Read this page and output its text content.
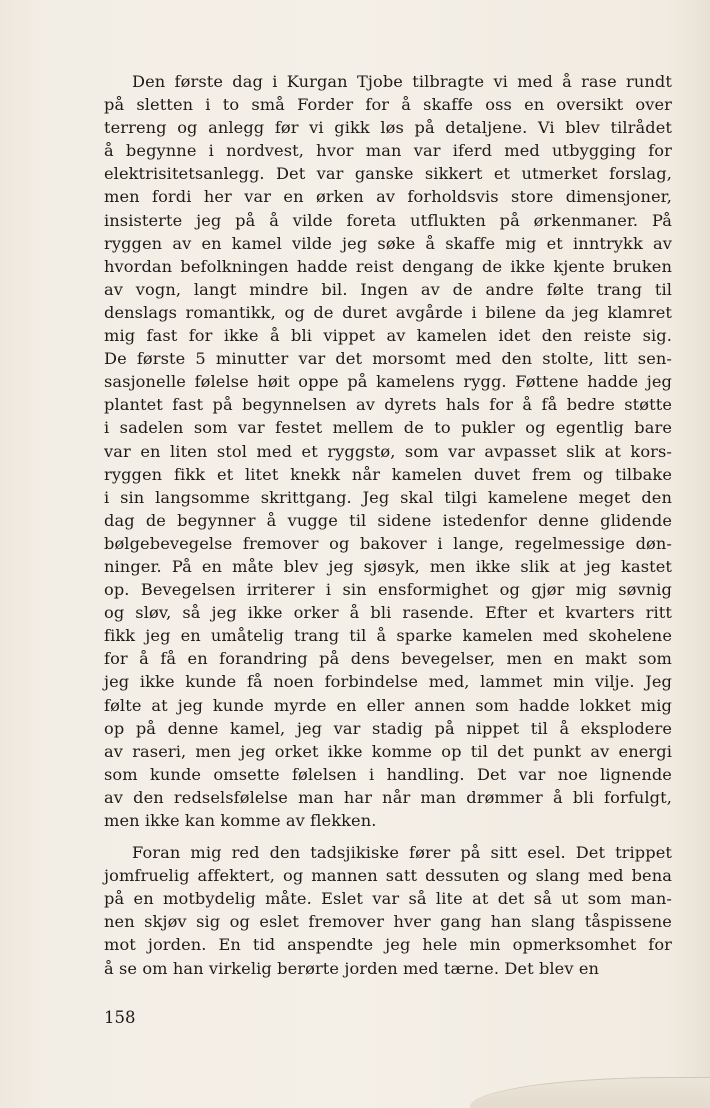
Den første dag i Kurgan Tjobe tilbragte vi med å rase rundt
på sletten i to små Forder for å skaffe oss en oversikt over
terreng og anlegg før vi gikk løs på detaljene. Vi blev tilrådet
å begynne i nordvest, hvor man var iferd med utbygging for
elektrisitetsanlegg. Det var ganske sikkert et utmerket forslag,
men fordi her var en ørken av forholdsvis store dimensjoner,
insisterte jeg på å vilde foreta utflukten på ørkenmaner. På
ryggen av en kamel vilde jeg søke å skaffe mig et inntrykk av
hvordan befolkningen hadde reist dengang de ikke kjente bruken
av vogn, langt mindre bil. Ingen av de andre følte trang til
denslags romantikk, og de duret avgårde i bilene da jeg klamret
mig fast for ikke å bli vippet av kamelen idet den reiste sig.
De første 5 minutter var det morsomt med den stolte, litt sen-
sasjonelle følelse høit oppe på kamelens rygg. Føttene hadde jeg
plantet fast på begynnelsen av dyrets hals for å få bedre støtte
i sadelen som var festet mellem de to pukler og egentlig bare
var en liten stol med et ryggstø, som var avpasset slik at kors-
ryggen fikk et litet knekk når kamelen duvet frem og tilbake
i sin langsomme skrittgang. Jeg skal tilgi kamelene meget den
dag de begynner å vugge til sidene istedenfor denne glidende
bølgebevegelse fremover og bakover i lange, regelmessige døn-
ninger. På en måte blev jeg sjøsyk, men ikke slik at jeg kastet
op. Bevegelsen irriterer i sin ensformighet og gjør mig søvnig
og sløv, så jeg ikke orker å bli rasende. Efter et kvarters ritt
fikk jeg en umåtelig trang til å sparke kamelen med skohelene
for å få en forandring på dens bevegelser, men en makt som
jeg ikke kunde få noen forbindelse med, lammet min vilje. Jeg
følte at jeg kunde myrde en eller annen som hadde lokket mig
op på denne kamel, jeg var stadig på nippet til å eksplodere
av raseri, men jeg orket ikke komme op til det punkt av energi
som kunde omsette følelsen i handling. Det var noe lignende
av den redselsfølelse man har når man drømmer å bli forfulgt,
men ikke kan komme av flekken.
Foran mig red den tadsjikiske fører på sitt esel. Det trippet
jomfruelig affektert, og mannen satt dessuten og slang med bena
på en motbydelig måte. Eslet var så lite at det så ut som man-
nen skjøv sig og eslet fremover hver gang han slang tåspissene
mot jorden. En tid anspendte jeg hele min opmerksomhet for
å se om han virkelig berørte jorden med tærne. Det blev en
158
